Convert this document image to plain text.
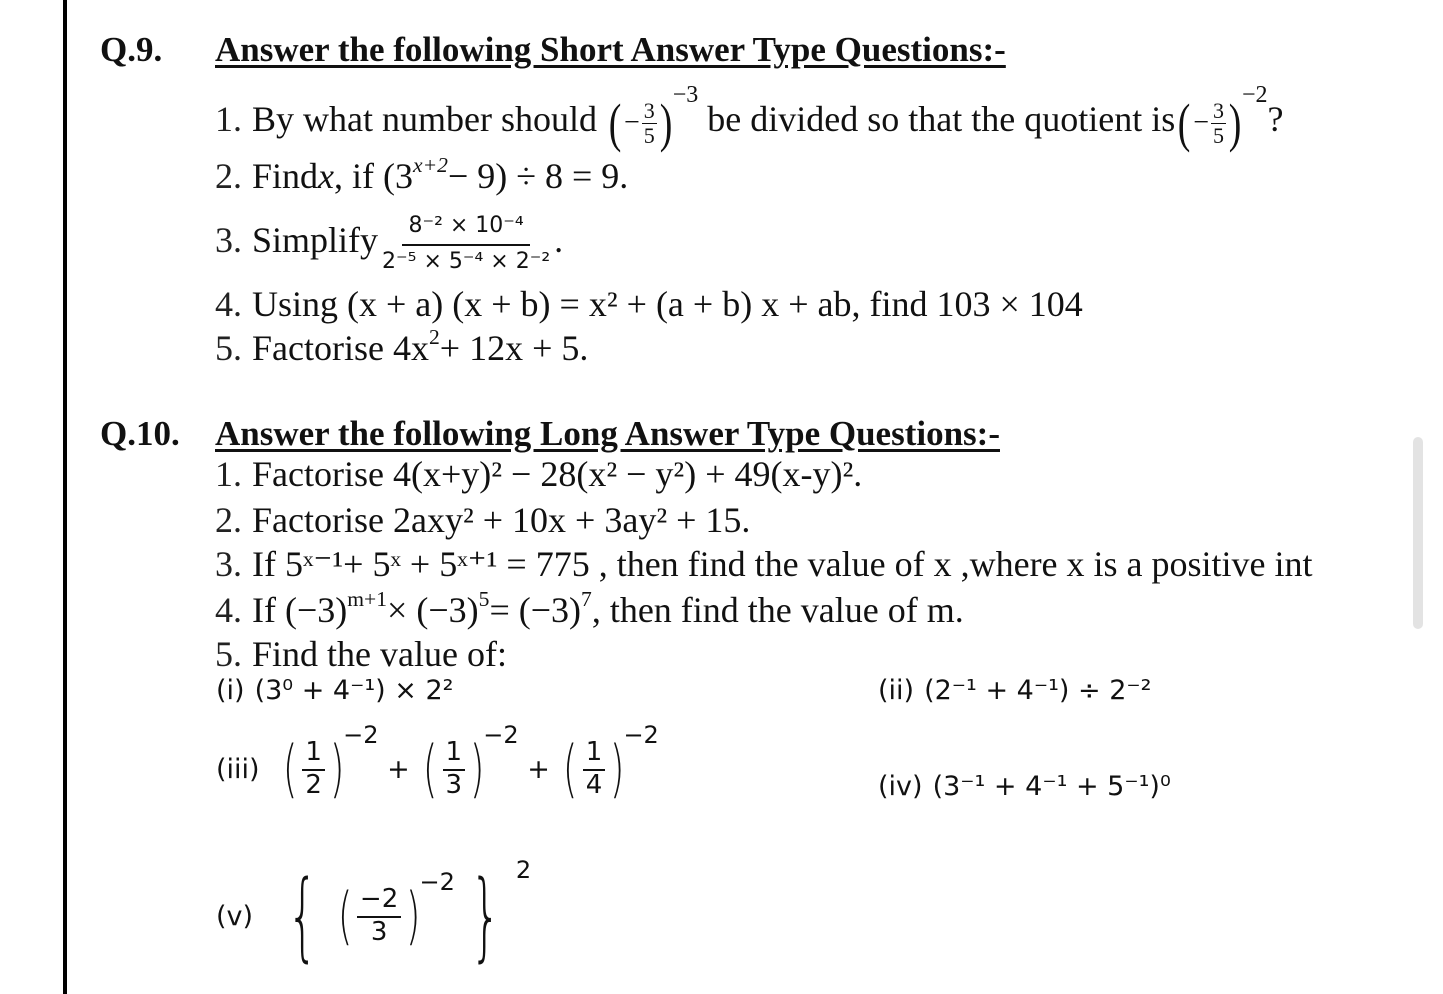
Q.9. Answer the following Short Answer Type Questions:-
1. By what number should ( − $\frac{3}{5}$ ) −3
be divided so that the quotient is ( − $\frac{3}{5}$ ) −2
?
2. Findx, if $(3^{x+2}- 9) \div 8 = 9$.
3. Simplify $\frac{\text{8⁻² × 10⁻⁴}}{\text{2⁻⁵ × 5⁻⁴ × 2⁻²}}$ .
4. Using (x + a) (x + b) = x² + (a + b) x + ab, find 103 × 104
5. Factorise $4x^2+ 12x + 5$.
Q.10. Answer the following Long Answer Type Questions:-
1. Factorise 4(x+y)² − 28(x² − y²) + 49(x-y)².
2. Factorise 2axy² + 10x + 3ay² + 15.
3. If 5ˣ⁻¹+ 5ˣ + 5ˣ⁺¹ = 775 , then find the value of x ,where x is a positive int
4. If $(-3)^{m+1}\times (-3)^5= (-3)^7$, then find the value of m.
5. Find the value of:
(i) (3⁰ + 4⁻¹) × 2²	(ii) (2⁻¹ + 4⁻¹) ÷ 2⁻²
(iii) ( $\frac{1}{2} )-2$ + ( $\frac{1}{3} )-2$ + ( $\frac{1}{4} )-2$
(iv) (3⁻¹ + 4⁻¹ + 5⁻¹)⁰
(v) { ( $\frac{-2}{3} )-2$ } 2
